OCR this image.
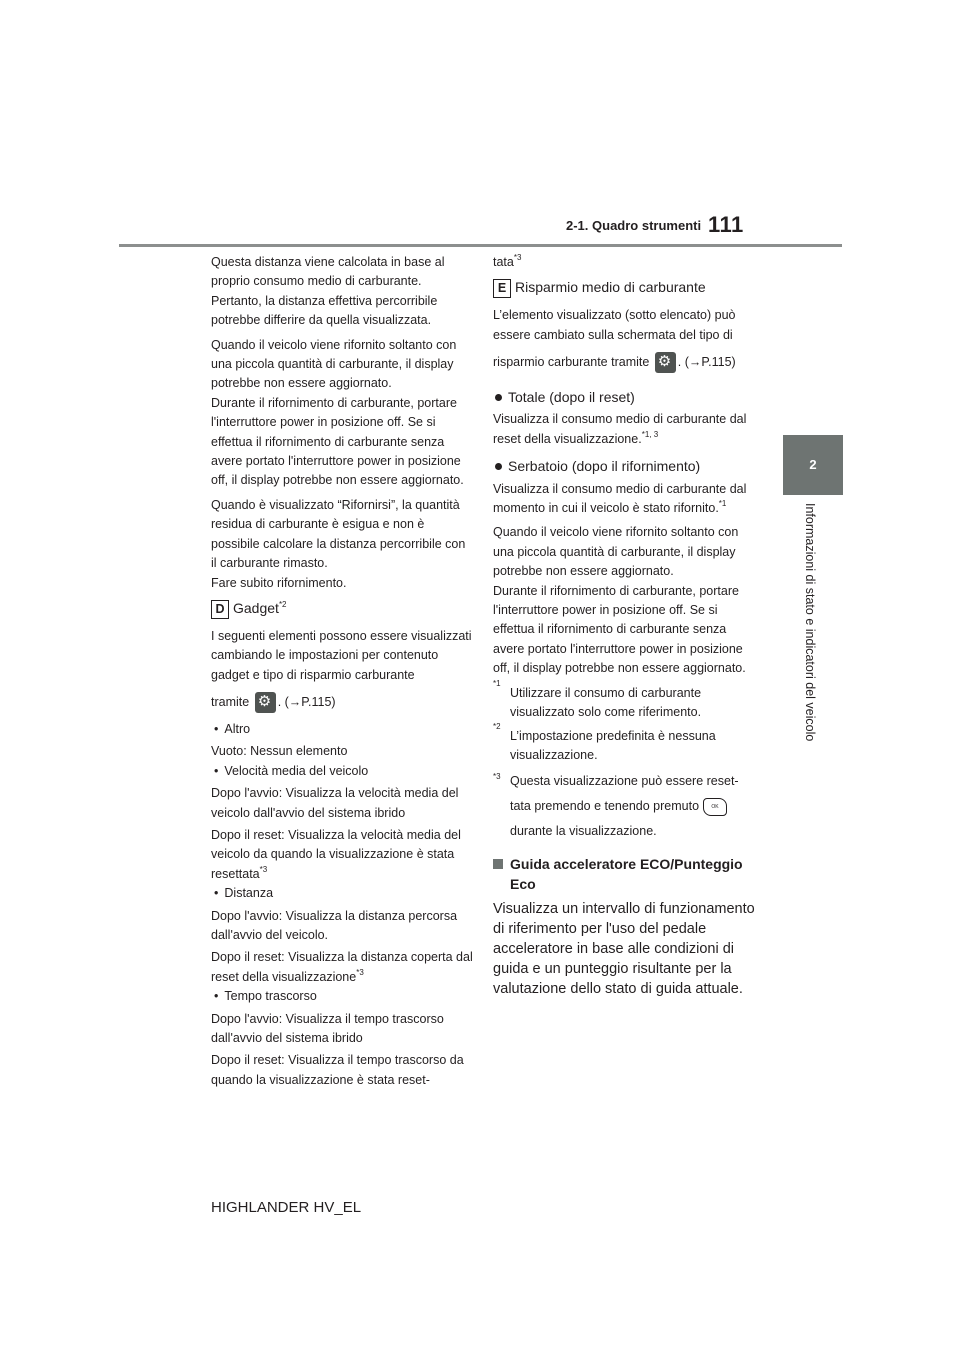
2-1. Quadro strumenti 111
2
Informazioni di stato e indicatori del veicolo

Questa distanza viene calcolata in base al proprio consumo medio di carburante. Pertanto, la distanza effettiva percorribile potrebbe differire da quella visualizzata.

Quando il veicolo viene rifornito soltanto con una piccola quantità di carburante, il display potrebbe non essere aggiornato.

Durante il rifornimento di carburante, portare l'interruttore power in posizione off. Se si effettua il rifornimento di carburante senza avere portato l'interruttore power in posizione off, il display potrebbe non essere aggiornato.

Quando è visualizzato “Rifornirsi”, la quantità residua di carburante è esigua e non è possibile calcolare la distanza percorribile con il carburante rimasto.

Fare subito rifornimento.

D Gadget$^{*2}$

I seguenti elementi possono essere visualizzati cambiando le impostazioni per contenuto gadget e tipo di risparmio carburante

tramite ⚙ . (→P.115)

• Altro

Vuoto: Nessun elemento

• Velocità media del veicolo

Dopo l'avvio: Visualizza la velocità media del veicolo dall'avvio del sistema ibrido

Dopo il reset: Visualizza la velocità media del veicolo da quando la visualizzazione è stata resettata$^{*3}$

• Distanza

Dopo l'avvio: Visualizza la distanza percorsa dall'avvio del veicolo.

Dopo il reset: Visualizza la distanza coperta dal reset della visualizzazione$^{*3}$

• Tempo trascorso

Dopo l'avvio: Visualizza il tempo trascorso dall'avvio del sistema ibrido

Dopo il reset: Visualizza il tempo trascorso da quando la visualizzazione è stata reset-

tata$^{*3}$

E Risparmio medio di carburante

L’elemento visualizzato (sotto elencato) può essere cambiato sulla schermata del tipo di

risparmio carburante tramite ⚙ . (→P.115)

Totale (dopo il reset)

Visualizza il consumo medio di carburante dal reset della visualizzazione.$^{*1, 3}$

Serbatoio (dopo il rifornimento)

Visualizza il consumo medio di carburante dal momento in cui il veicolo è stato rifornito.$^{*1}$

Quando il veicolo viene rifornito soltanto con una piccola quantità di carburante, il display potrebbe non essere aggiornato.

Durante il rifornimento di carburante, portare l'interruttore power in posizione off. Se si effettua il rifornimento di carburante senza avere portato l'interruttore power in posizione off, il display potrebbe non essere aggiornato.

*1
Utilizzare il consumo di carburante visualizzato solo come riferimento.

*2
L’impostazione predefinita è nessuna visualizzazione.

*3 Questa visualizzazione può essere reset-
tata premendo e tenendo premuto OK
durante la visualizzazione.

Guida acceleratore ECO/Punteggio Eco

Visualizza un intervallo di funzionamento di riferimento per l'uso del pedale acceleratore in base alle condizioni di guida e un punteggio risultante per la valutazione dello stato di guida attuale.

HIGHLANDER HV_EL
